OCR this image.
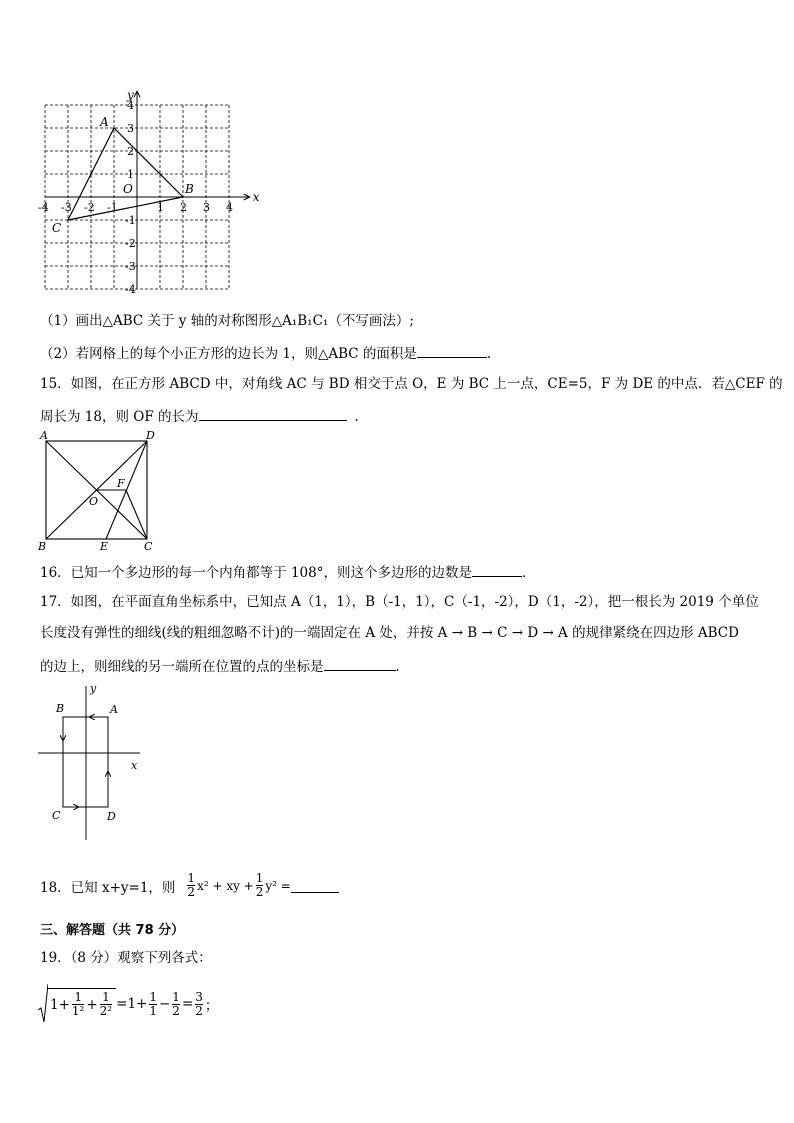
-4 -3 -2 -1	1 2 3 4
4
3
2
1
-1
-2
-3
-4
A
B
C
O
x
y
（1）画出△ABC 关于 y 轴的对称图形△A₁B₁C₁（不写画法）;
（2）若网格上的每个小正方形的边长为 1，则△ABC 的面积是	.
15．如图，在正方形 ABCD 中，对角线 AC 与 BD 相交于点 O，E 为 BC 上一点，CE=5，F 为 DE 的中点．若△CEF 的
周长为 18，则 OF 的长为	．
A	D
B	C
E
O
F
16．已知一个多边形的每一个内角都等于 108°，则这个多边形的边数是	．
17．如图，在平面直角坐标系中，已知点 A（1，1），B（-1，1），C（-1，-2），D（1，-2），把一根长为 2019 个单位
长度没有弹性的细线(线的粗细忽略不计)的一端固定在 A 处，并按 A → B → C → D → A 的规律紧绕在四边形 ABCD
的边上，则细线的另一端所在位置的点的坐标是	．
y
x
B	A
C	D
18．已知 x+y=1，则 $\frac{1}{2} x^2$ + xy + $\frac{1}{2} y^2$ =
三、解答题（共 78 分）
19．（8 分）观察下列各式：
$1 + \frac{1}{\text{1²}} + \frac{1}{\text{2²}} = 1 + \frac{1}{1} - \frac{1}{2} = \frac{3}{2}$ ；
